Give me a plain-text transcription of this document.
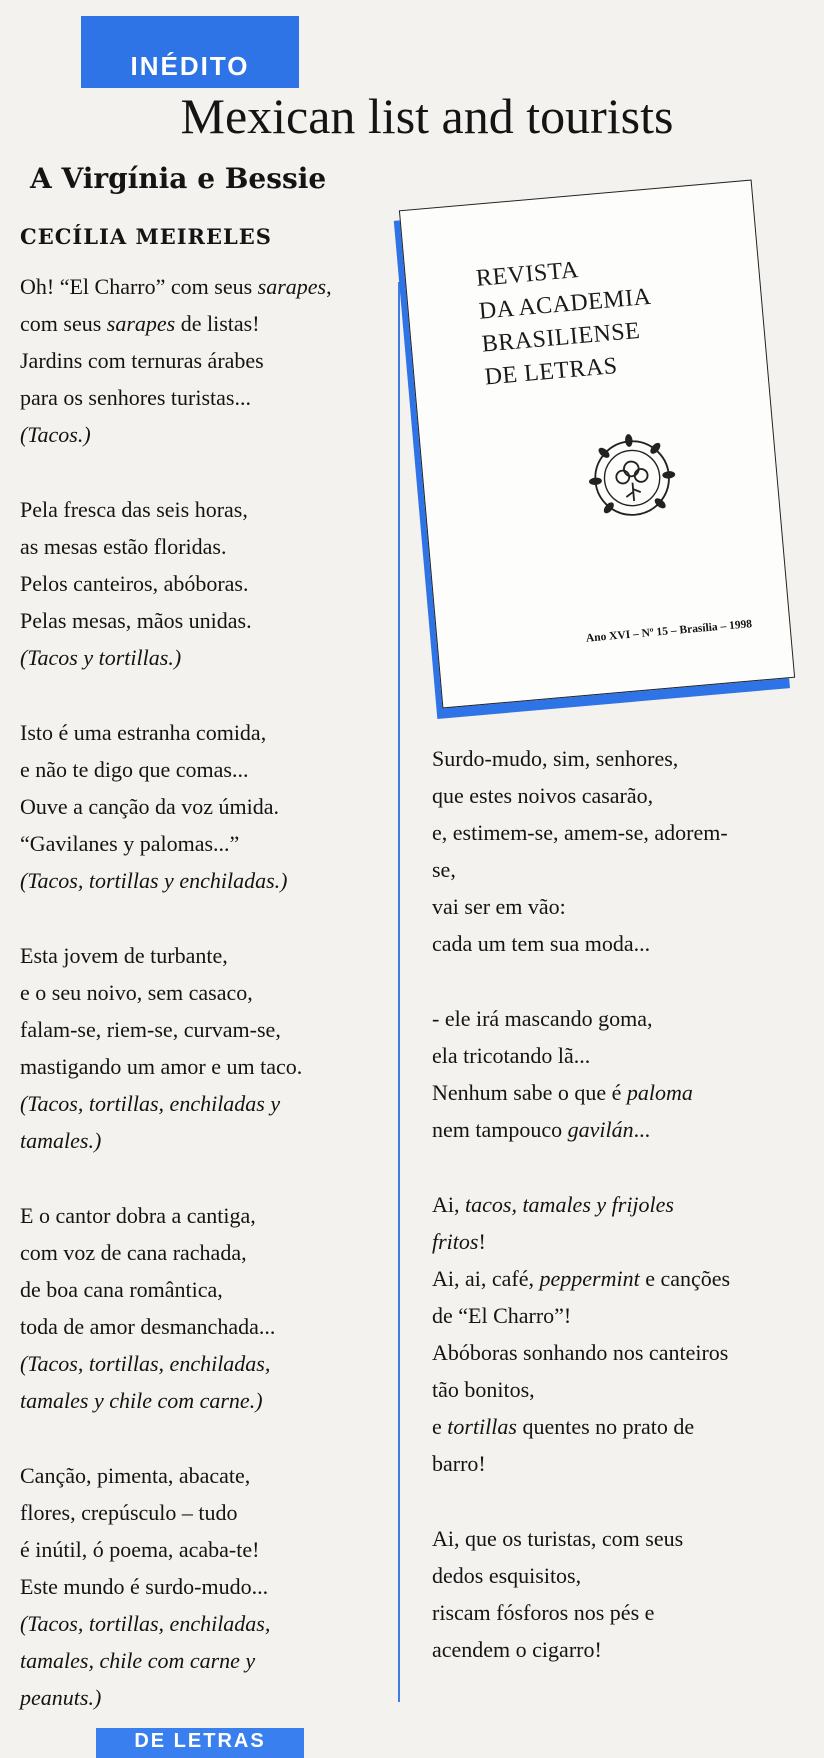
INÉDITO
Mexican list and tourists
A Virgínia e Bessie
CECÍLIA MEIRELES
Oh! “El Charro” com seus sarapes,
com seus sarapes de listas!
Jardins com ternuras árabes
para os senhores turistas...
(Tacos.)
Pela fresca das seis horas,
as mesas estão floridas.
Pelos canteiros, abóboras.
Pelas mesas, mãos unidas.
(Tacos y tortillas.)
Isto é uma estranha comida,
e não te digo que comas...
Ouve a canção da voz úmida.
“Gavilanes y palomas...”
(Tacos, tortillas y enchiladas.)
Esta jovem de turbante,
e o seu noivo, sem casaco,
falam-se, riem-se, curvam-se,
mastigando um amor e um taco.
(Tacos, tortillas, enchiladas y
tamales.)
E o cantor dobra a cantiga,
com voz de cana rachada,
de boa cana romântica,
toda de amor desmanchada...
(Tacos, tortillas, enchiladas,
tamales y chile com carne.)
Canção, pimenta, abacate,
flores, crepúsculo – tudo
é inútil, ó poema, acaba-te!
Este mundo é surdo-mudo...
(Tacos, tortillas, enchiladas,
tamales, chile com carne y
peanuts.)
REVISTA
DA ACADEMIA
BRASILIENSE
DE LETRAS
Ano XVI – Nº 15 – Brasília – 1998
Surdo-mudo, sim, senhores,
que estes noivos casarão,
e, estimem-se, amem-se, adorem-
se,
vai ser em vão:
cada um tem sua moda...
- ele irá mascando goma,
ela tricotando lã...
Nenhum sabe o que é paloma
nem tampouco gavilán...
Ai, tacos, tamales y frijoles
fritos!
Ai, ai, café, peppermint e canções
de “El Charro”!
Abóboras sonhando nos canteiros
tão bonitos,
e tortillas quentes no prato de
barro!
Ai, que os turistas, com seus
dedos esquisitos,
riscam fósforos nos pés e
acendem o cigarro!
DE LETRAS
